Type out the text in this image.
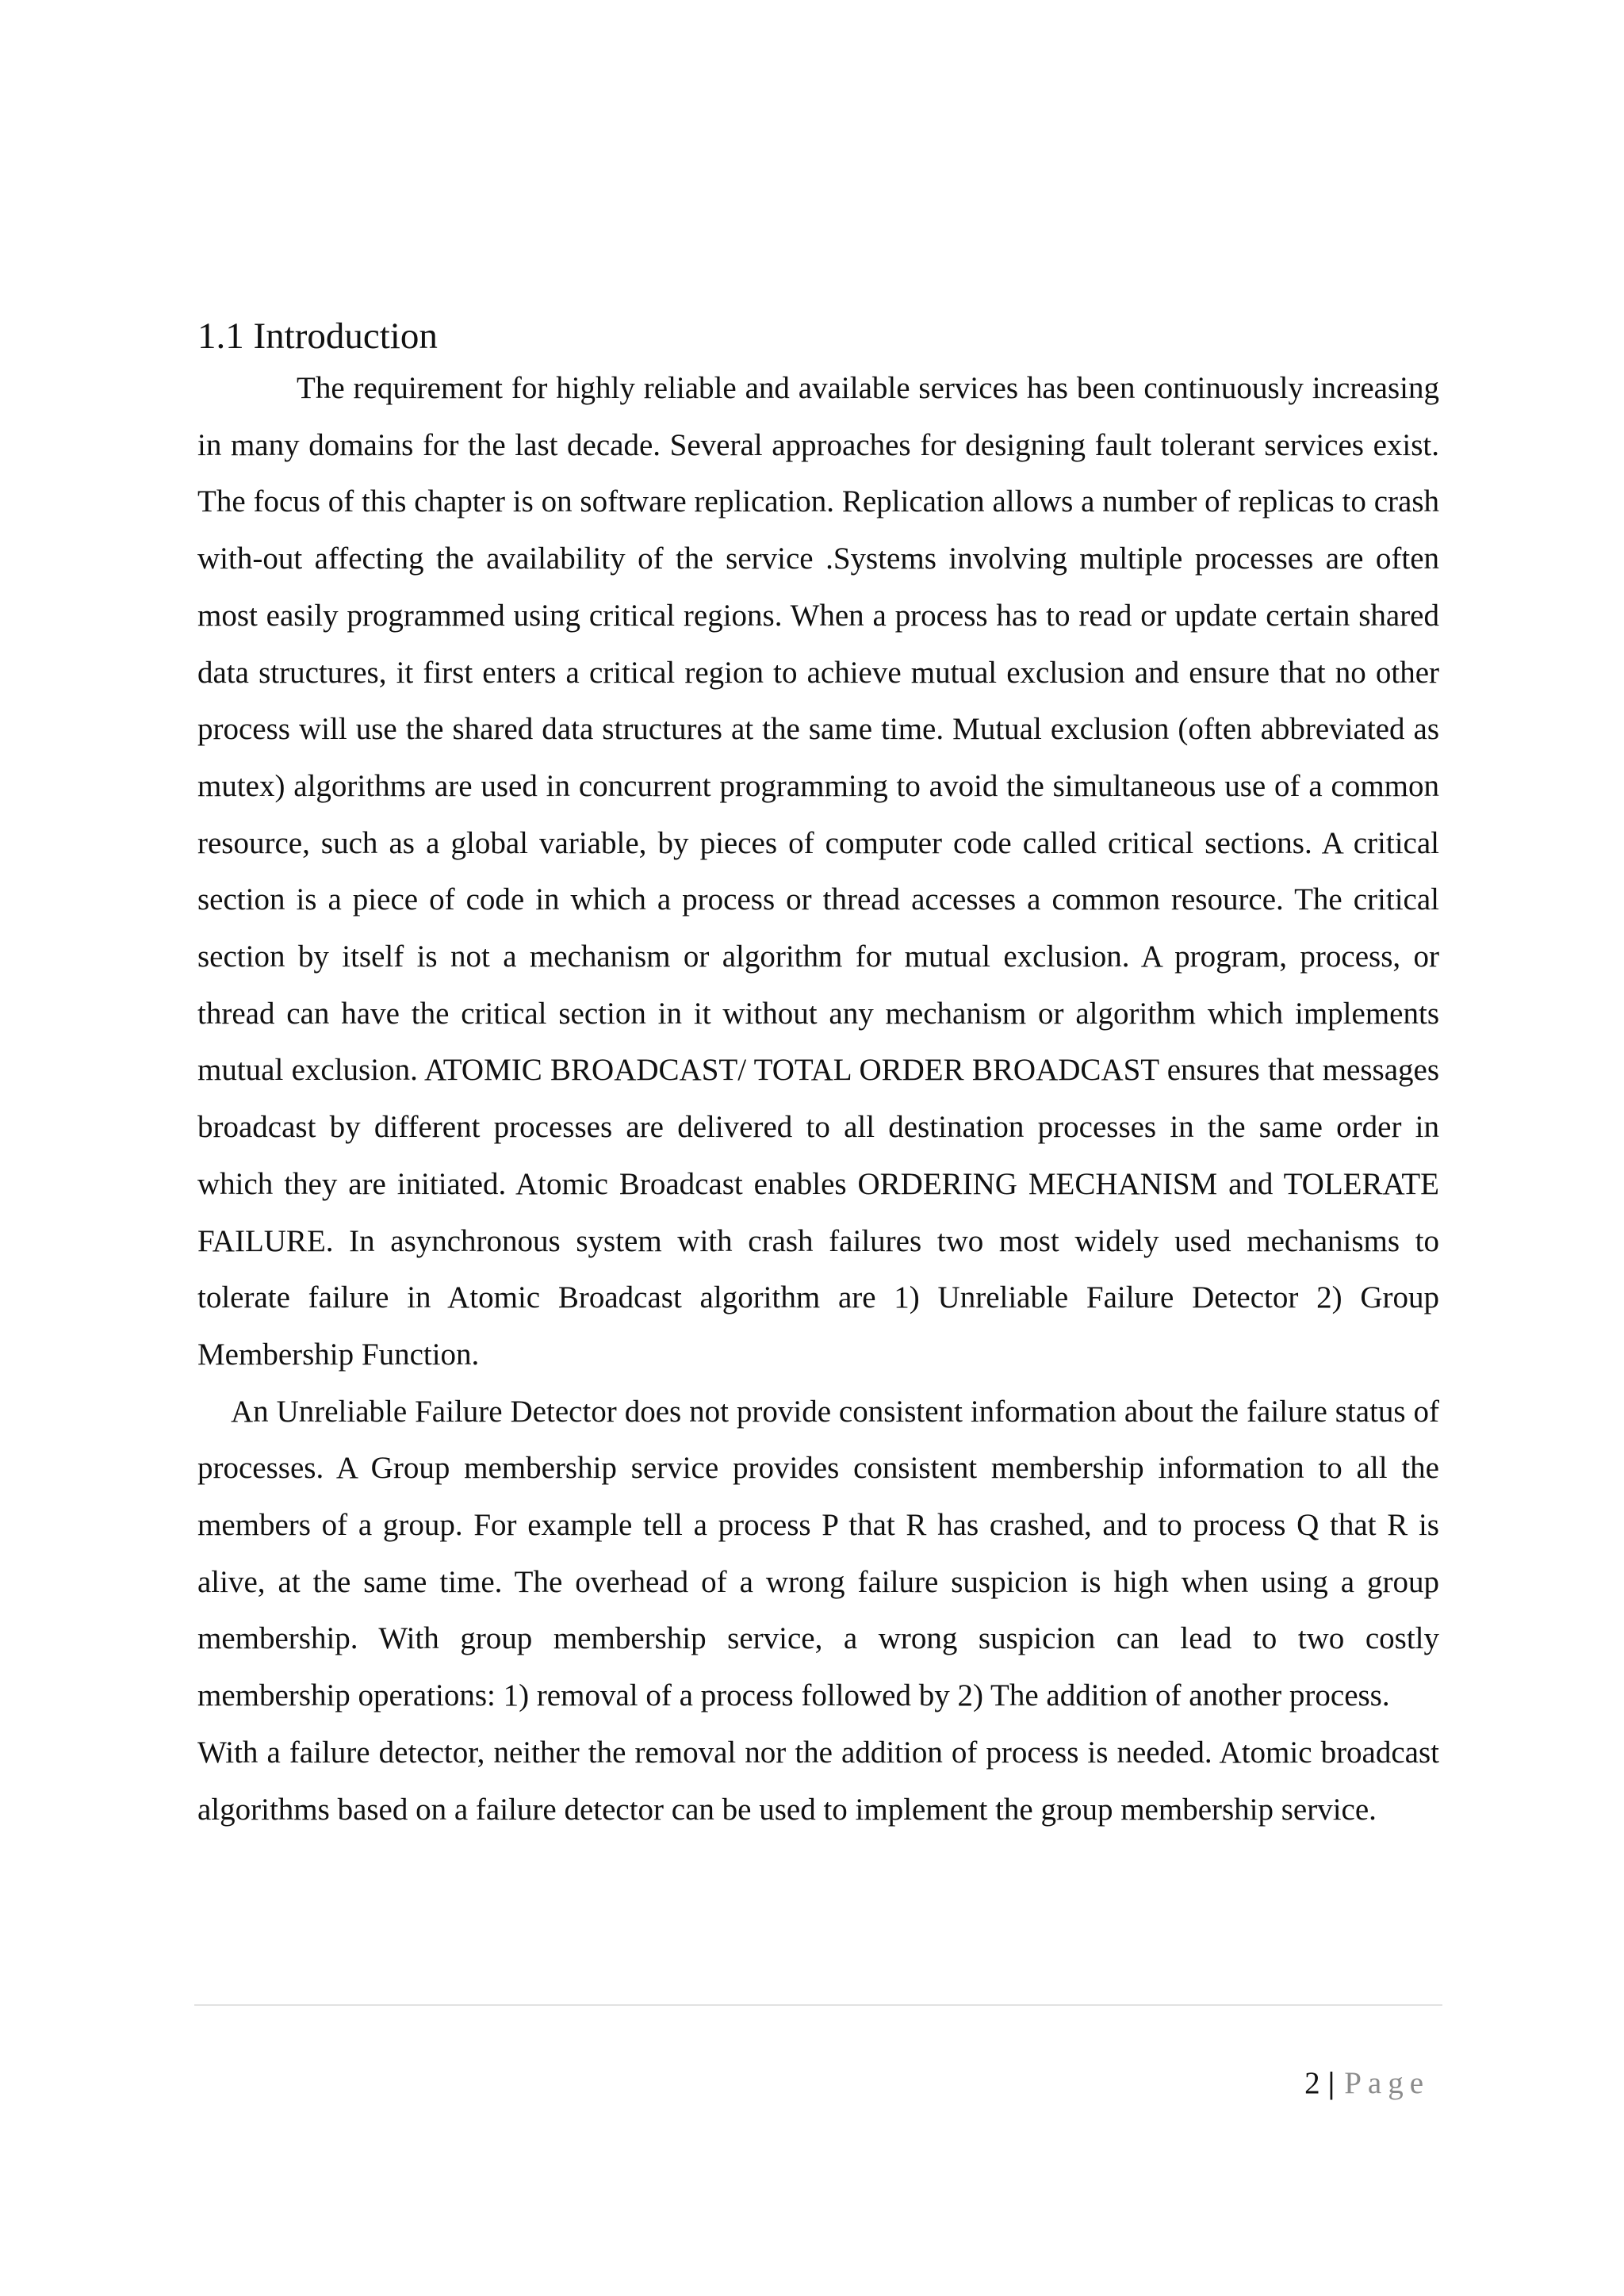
1.1 Introduction

The requirement for highly reliable and available services has been continuously increasing in many domains for the last decade. Several approaches for designing fault tolerant services exist. The focus of this chapter is on software replication. Replication allows a number of replicas to crash with-out affecting the availability of the service .Systems involving multiple processes are often most easily programmed using critical regions. When a process has to read or update certain shared data structures, it first enters a critical region to achieve mutual exclusion and ensure that no other process will use the shared data structures at the same time. Mutual exclusion (often abbreviated as mutex) algorithms are used in concurrent programming to avoid the simultaneous use of a common resource, such as a global variable, by pieces of computer code called critical sections. A critical section is a piece of code in which a process or thread accesses a common resource. The critical section by itself is not a mechanism or algorithm for mutual exclusion. A program, process, or thread can have the critical section in it without any mechanism or algorithm which implements mutual exclusion. ATOMIC BROADCAST/ TOTAL ORDER BROADCAST ensures that messages broadcast by different processes are delivered to all destination processes in the same order in which they are initiated. Atomic Broadcast enables ORDERING MECHANISM and TOLERATE FAILURE. In asynchronous system with crash failures two most widely used mechanisms to tolerate failure in Atomic Broadcast algorithm are 1) Unreliable Failure Detector 2) Group Membership Function.

An Unreliable Failure Detector does not provide consistent information about the failure status of processes. A Group membership service provides consistent membership information to all the members of a group. For example tell a process P that R has crashed, and to process Q that R is alive, at the same time. The overhead of a wrong failure suspicion is high when using a group membership. With group membership service, a wrong suspicion can lead to two costly membership operations: 1) removal of a process followed by 2) The addition of another process.

With a failure detector, neither the removal nor the addition of process is needed. Atomic broadcast algorithms based on a failure detector can be used to implement the group membership service.

2 | Page
